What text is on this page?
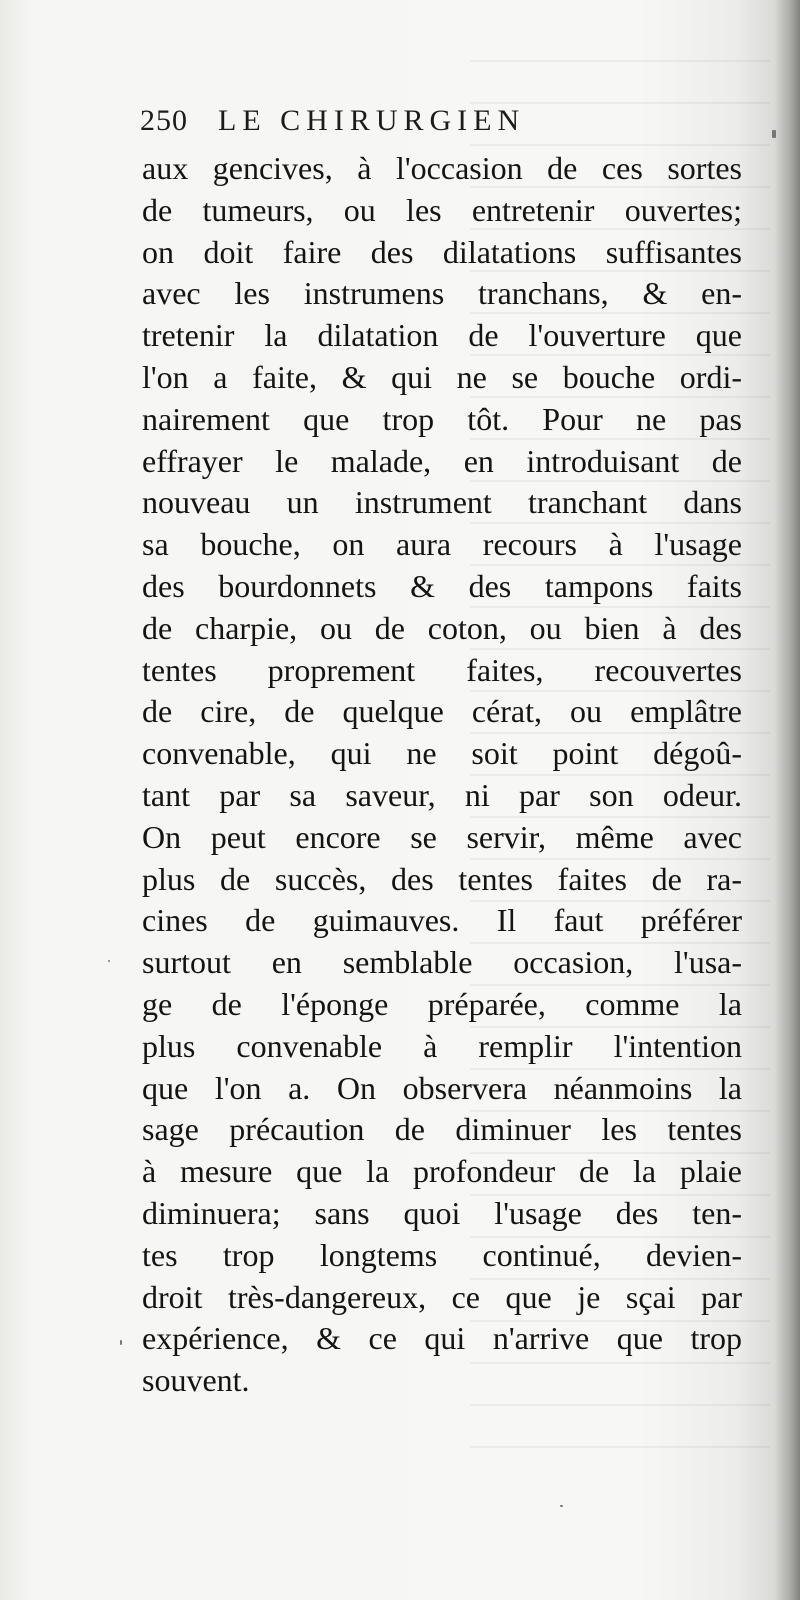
250 LE CHIRURGIEN
aux gencives, à l'occasion de ces sortes
de tumeurs, ou les entretenir ouvertes;
on doit faire des dilatations suffisantes
avec les instrumens tranchans, & en-
tretenir la dilatation de l'ouverture que
l'on a faite, & qui ne se bouche ordi-
nairement que trop tôt. Pour ne pas
effrayer le malade, en introduisant de
nouveau un instrument tranchant dans
sa bouche, on aura recours à l'usage
des bourdonnets & des tampons faits
de charpie, ou de coton, ou bien à des
tentes proprement faites, recouvertes
de cire, de quelque cérat, ou emplâtre
convenable, qui ne soit point dégoû-
tant par sa saveur, ni par son odeur.
On peut encore se servir, même avec
plus de succès, des tentes faites de ra-
cines de guimauves. Il faut préférer
surtout en semblable occasion, l'usa-
ge de l'éponge préparée, comme la
plus convenable à remplir l'intention
que l'on a. On observera néanmoins la
sage précaution de diminuer les tentes
à mesure que la profondeur de la plaie
diminuera; sans quoi l'usage des ten-
tes trop longtems continué, devien-
droit très-dangereux, ce que je sçai par
expérience, & ce qui n'arrive que trop
souvent.
